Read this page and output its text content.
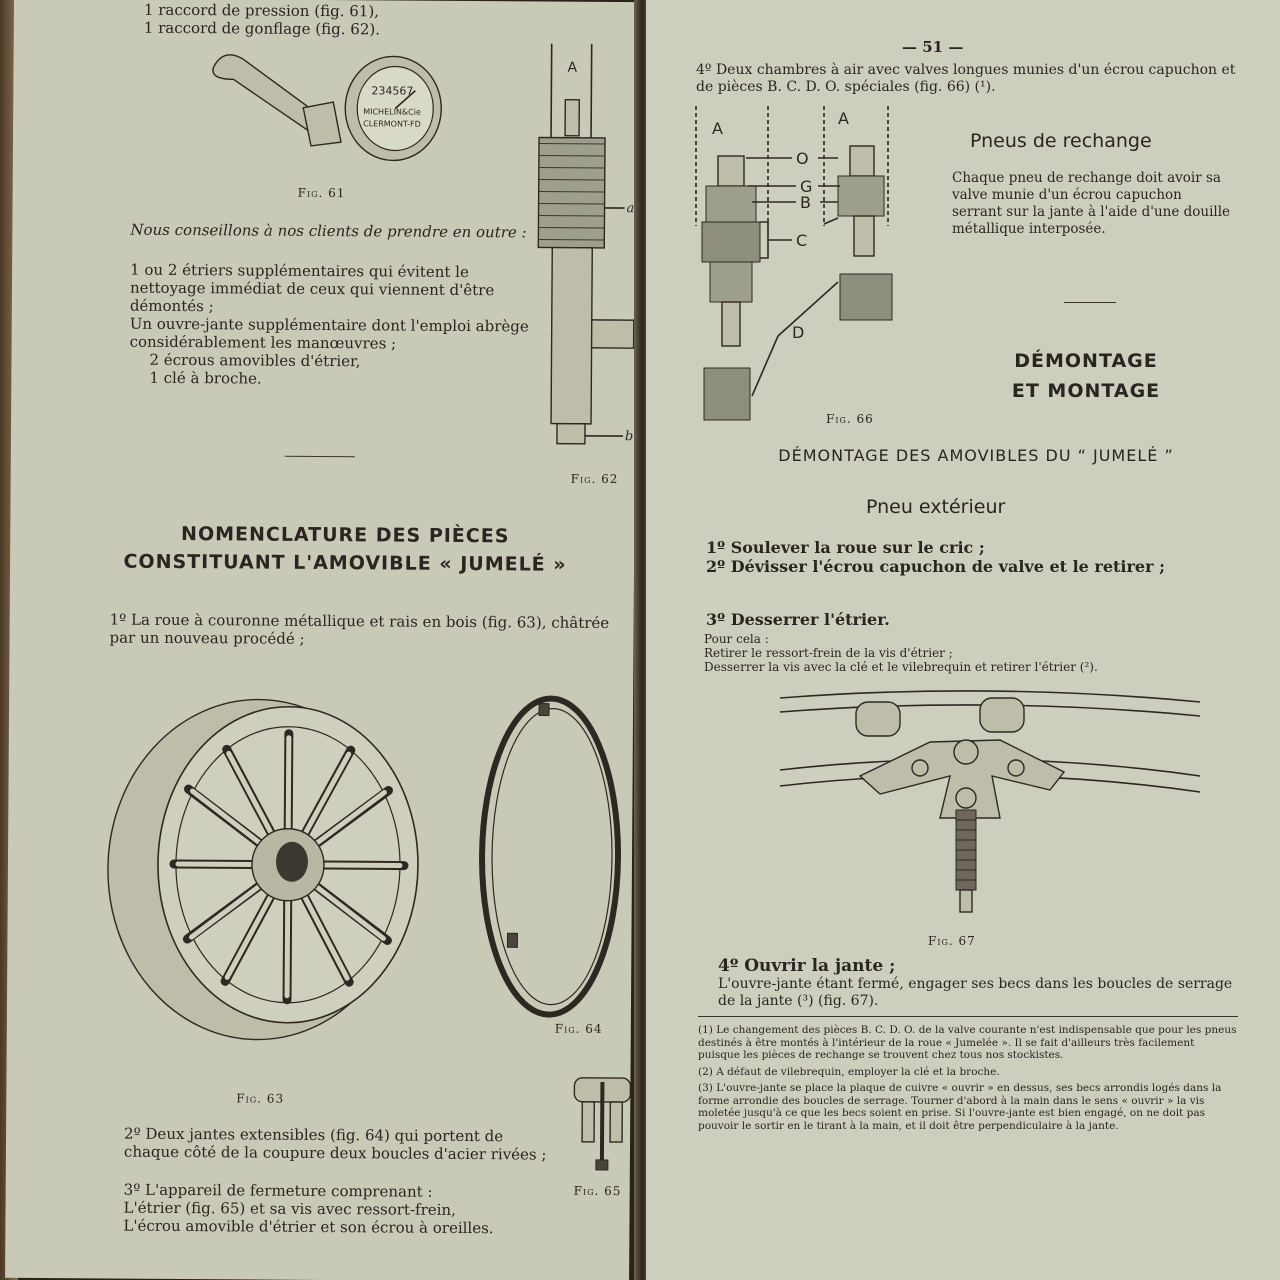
1 raccord de pression (fig. 61),
1 raccord de gonflage (fig. 62).
234567
MICHELIN&Cie
CLERMONT-FD
Fig. 61
A
a
b
Fig. 62
Nous conseillons à nos clients de prendre en outre :
1 ou 2 étriers supplémentaires qui évitent le nettoyage immédiat de ceux qui viennent d'être démontés ;
Un ouvre-jante supplémentaire dont l'emploi abrège considérablement les manœuvres ;
2 écrous amovibles d'étrier,
1 clé à broche.
NOMENCLATURE DES PIÈCES
CONSTITUANT L'AMOVIBLE « JUMELÉ »
1º La roue à couronne métallique et rais en bois (fig. 63), châtrée par un nouveau procédé ;
Fig. 63
Fig. 64
Fig. 65
2º Deux jantes extensibles (fig. 64) qui portent de chaque côté de la coupure deux boucles d'acier rivées ;
3º L'appareil de fermeture comprenant :
L'étrier (fig. 65) et sa vis avec ressort-frein,
L'écrou amovible d'étrier et son écrou à oreilles.
— 51 —
4º Deux chambres à air avec valves longues munies d'un écrou capuchon et de pièces B. C. D. O. spéciales (fig. 66) (¹).
A
A
O
G
B
C
D
Fig. 66
Pneus de rechange
Chaque pneu de rechange doit avoir sa valve munie d'un écrou capuchon serrant sur la jante à l'aide d'une douille métallique interposée.
DÉMONTAGE
ET MONTAGE
DÉMONTAGE DES AMOVIBLES DU “ JUMELÉ ”
Pneu extérieur
1º Soulever la roue sur le cric ;
2º Dévisser l'écrou capuchon de valve et le retirer ;
3º Desserrer l'étrier.
Pour cela :
Retirer le ressort-frein de la vis d'étrier ;
Desserrer la vis avec la clé et le vilebrequin et retirer l'étrier (²).
Fig. 67
4º Ouvrir la jante ;
L'ouvre-jante étant fermé, engager ses becs dans les boucles de serrage de la jante (³) (fig. 67).
(1) Le changement des pièces B. C. D. O. de la valve courante n'est indispensable que pour les pneus destinés à être montés à l'intérieur de la roue « Jumelée ». Il se fait d'ailleurs très facilement puisque les pièces de rechange se trouvent chez tous nos stockistes.
(2) A défaut de vilebrequin, employer la clé et la broche.
(3) L'ouvre-jante se place la plaque de cuivre « ouvrir » en dessus, ses becs arrondis logés dans la forme arrondie des boucles de serrage. Tourner d'abord à la main dans le sens « ouvrir » la vis moletée jusqu'à ce que les becs soient en prise. Si l'ouvre-jante est bien engagé, on ne doit pas pouvoir le sortir en le tirant à la main, et il doit être perpendiculaire à la jante.
